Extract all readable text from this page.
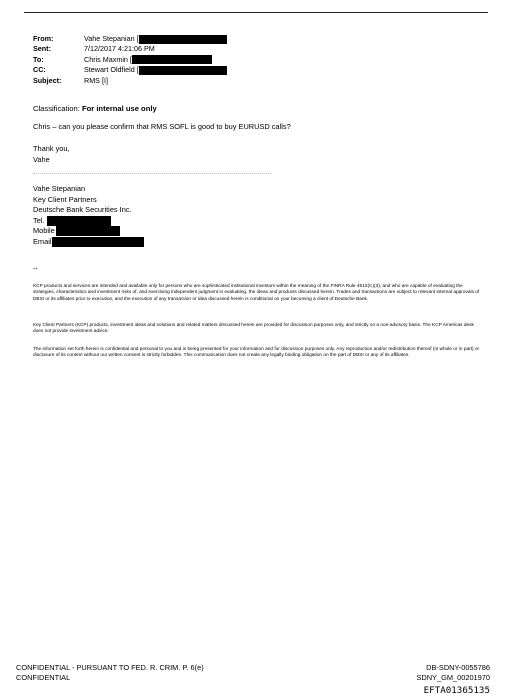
From:	Vahe Stepanian [
Sent:	7/12/2017 4:21:06 PM
To:	Chris Maxmin [
CC:	Stewart Oldfield [
Subject:	RMS [I]
Classification: For internal use only
Chris – can you please confirm that RMS SOFL is good to buy EURUSD calls?
Thank you,
Vahe
Vahe Stepanian
Key Client Partners
Deutsche Bank Securities Inc.
Tel.
Mobile
Email
--
KCP products and services are intended and available only for persons who are sophisticated institutional investors within the meaning of the FINRA Rule 4512(C)(3), and who are capable of evaluating the strategies, characteristics and investment risks of, and exercising independent judgment in evaluating, the ideas and products discussed herein. Trades and transactions are subject to relevant internal approvals of DBSI or its affiliates prior to execution, and the execution of any transaction or idea discussed herein is conditional on your becoming a client of Deutsche Bank.
Key Client Partners (KCP) products, investment ideas and solutions and related matters discussed herein are provided for discussion purposes only, and strictly on a non-advisory basis. The KCP Americas desk does not provide investment advice.
The information set forth herein is confidential and personal to you and is being presented for your information and for discussion purposes only. Any reproduction and/or redistribution thereof (in whole or in part) or disclosure of its content without our written consent is strictly forbidden. This communication does not create any legally binding obligation on the part of DBSI or any of its affiliates.
CONFIDENTIAL - PURSUANT TO FED. R. CRIM. P. 6(e)
CONFIDENTIAL
DB-SDNY-0055786
SDNY_GM_00201970
EFTA01365135
